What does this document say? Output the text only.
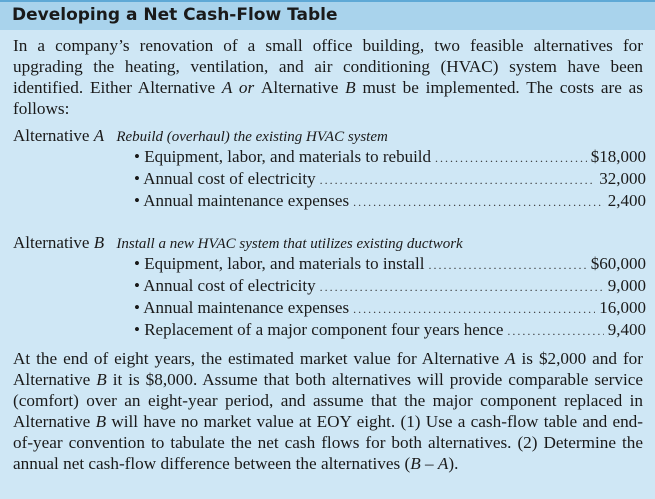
Developing a Net Cash-Flow Table
In a company’s renovation of a small office building, two feasible alternatives for upgrading the heating, ventilation, and air conditioning (HVAC) system have been identified. Either Alternative A or Alternative B must be implemented. The costs are as follows:
Alternative A Rebuild (overhaul) the existing HVAC system
• Equipment, labor, and materials to rebuild .....	$18,000
• Annual cost of electricity .....	32,000
• Annual maintenance expenses .....	2,400
Alternative B Install a new HVAC system that utilizes existing ductwork
• Equipment, labor, and materials to install .....	$60,000
• Annual cost of electricity .....	9,000
• Annual maintenance expenses .....	16,000
• Replacement of a major component four years hence .....	9,400
At the end of eight years, the estimated market value for Alternative A is $2,000 and for Alternative B it is $8,000. Assume that both alternatives will provide comparable service (comfort) over an eight-year period, and assume that the major component replaced in Alternative B will have no market value at EOY eight. (1) Use a cash-flow table and end-of-year convention to tabulate the net cash flows for both alternatives. (2) Determine the annual net cash-flow difference between the alternatives (B – A).
